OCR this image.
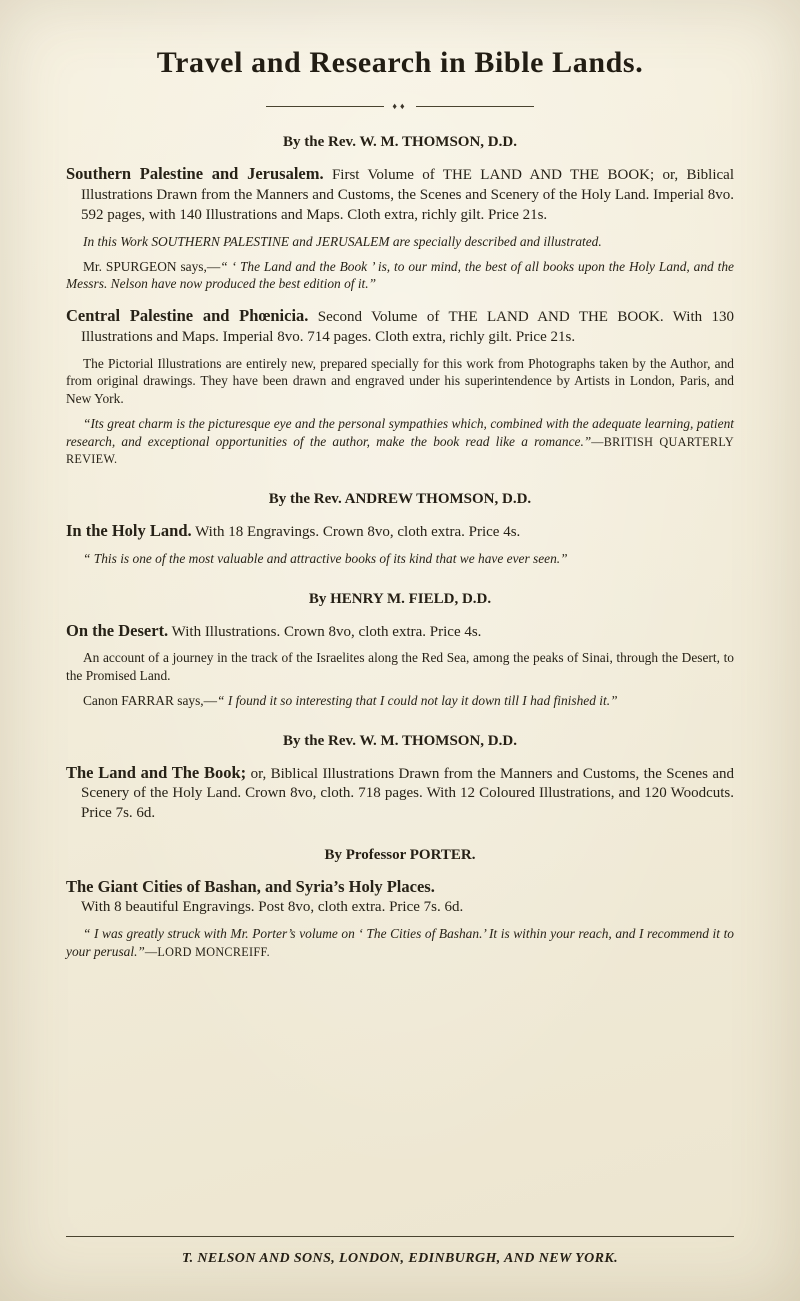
Travel and Research in Bible Lands.
♦♦
By the Rev. W. M. THOMSON, D.D.

Southern Palestine and Jerusalem. First Volume of THE LAND AND THE BOOK; or, Biblical Illustrations Drawn from the Manners and Customs, the Scenes and Scenery of the Holy Land. Imperial 8vo. 592 pages, with 140 Illustrations and Maps. Cloth extra, richly gilt. Price 21s.

In this Work SOUTHERN PALESTINE and JERUSALEM are specially described and illustrated.

Mr. SPURGEON says,—“ ‘ The Land and the Book ’ is, to our mind, the best of all books upon the Holy Land, and the Messrs. Nelson have now produced the best edition of it.”

Central Palestine and Phœnicia. Second Volume of THE LAND AND THE BOOK. With 130 Illustrations and Maps. Imperial 8vo. 714 pages. Cloth extra, richly gilt. Price 21s.

The Pictorial Illustrations are entirely new, prepared specially for this work from Photographs taken by the Author, and from original drawings. They have been drawn and engraved under his superintendence by Artists in London, Paris, and New York.

“Its great charm is the picturesque eye and the personal sympathies which, combined with the adequate learning, patient research, and exceptional opportunities of the author, make the book read like a romance.”—BRITISH QUARTERLY REVIEW.

By the Rev. ANDREW THOMSON, D.D.

In the Holy Land. With 18 Engravings. Crown 8vo, cloth extra. Price 4s.

“ This is one of the most valuable and attractive books of its kind that we have ever seen.”

By HENRY M. FIELD, D.D.

On the Desert. With Illustrations. Crown 8vo, cloth extra. Price 4s.

An account of a journey in the track of the Israelites along the Red Sea, among the peaks of Sinai, through the Desert, to the Promised Land.

Canon FARRAR says,—“ I found it so interesting that I could not lay it down till I had finished it.”

By the Rev. W. M. THOMSON, D.D.

The Land and The Book; or, Biblical Illustrations Drawn from the Manners and Customs, the Scenes and Scenery of the Holy Land. Crown 8vo, cloth. 718 pages. With 12 Coloured Illustrations, and 120 Woodcuts. Price 7s. 6d.

By Professor PORTER.

The Giant Cities of Bashan, and Syria’s Holy Places.
With 8 beautiful Engravings. Post 8vo, cloth extra. Price 7s. 6d.

“ I was greatly struck with Mr. Porter’s volume on ‘ The Cities of Bashan.’ It is within your reach, and I recommend it to your perusal.”—LORD MONCREIFF.

T. NELSON AND SONS, LONDON, EDINBURGH, AND NEW YORK.
